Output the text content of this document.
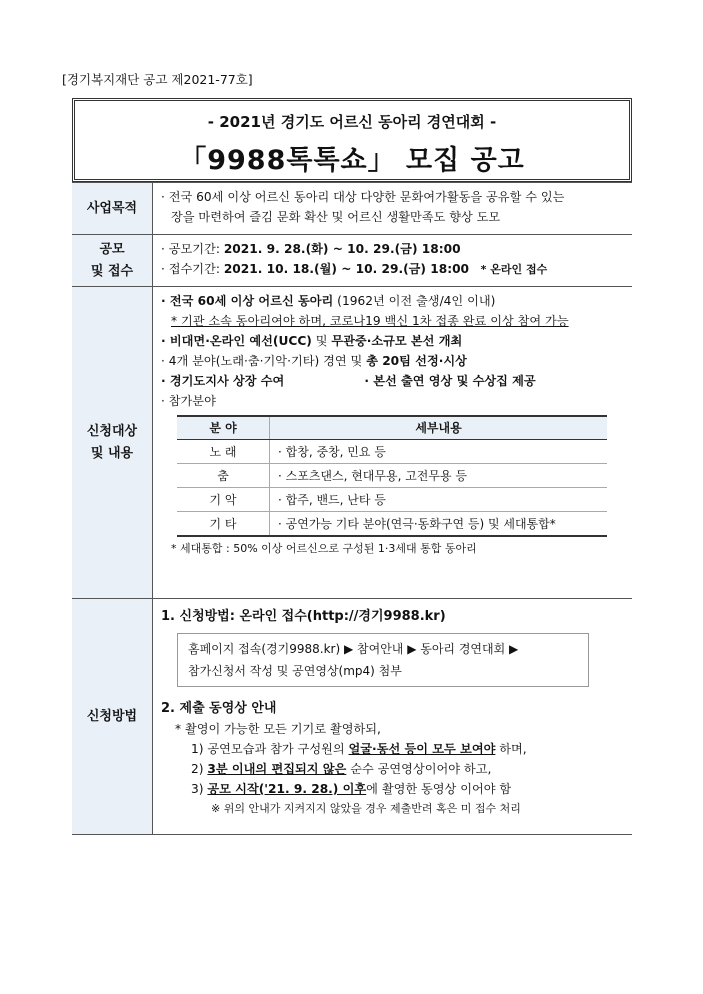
[경기복지재단 공고 제2021-77호]
- 2021년 경기도 어르신 동아리 경연대회 -
「9988톡톡쇼」 모집 공고
사업목적	
· 전국 60세 이상 어르신 동아리 대상 다양한 문화여가활동을 공유할 수 있는
장을 마련하여 즐김 문화 확산 및 어르신 생활만족도 향상 도모

공모
및 접수

· 공모기간: 2021. 9. 28.(화) ~ 10. 29.(금) 18:00
· 접수기간: 2021. 10. 18.(월) ~ 10. 29.(금) 18:00 * 온라인 접수

신청대상
및 내용

· 전국 60세 이상 어르신 동아리 (1962년 이전 출생/4인 이내)
* 기관 소속 동아리여야 하며, 코로나19 백신 1차 접종 완료 이상 참여 가능
· 비대면·온라인 예선(UCC) 및 무관중·소규모 본선 개최
· 4개 분야(노래·춤·기악·기타) 경연 및 총 20팀 선정·시상
· 경기도지사 상장 수여	· 본선 출연 영상 및 수상집 제공
· 참가분야
분 야	세부내용
노 래	· 합창, 중창, 민요 등
춤	· 스포츠댄스, 현대무용, 고전무용 등
기 악	· 합주, 밴드, 난타 등
기 타	· 공연가능 기타 분야(연극·동화구연 등) 및 세대통합*
* 세대통합 : 50% 이상 어르신으로 구성된 1·3세대 통합 동아리

신청방법	
1. 신청방법: 온라인 접수(http://경기9988.kr)
홈페이지 접속(경기9988.kr) ▶ 참여안내 ▶ 동아리 경연대회 ▶
참가신청서 작성 및 공연영상(mp4) 첨부
2. 제출 동영상 안내
* 촬영이 가능한 모든 기기로 촬영하되,
1) 공연모습과 참가 구성원의 얼굴·동선 등이 모두 보여야 하며,
2) 3분 이내의 편집되지 않은 순수 공연영상이어야 하고,
3) 공모 시작('21. 9. 28.) 이후에 촬영한 동영상 이어야 함
※ 위의 안내가 지켜지지 않았을 경우 제출반려 혹은 미 접수 처리
